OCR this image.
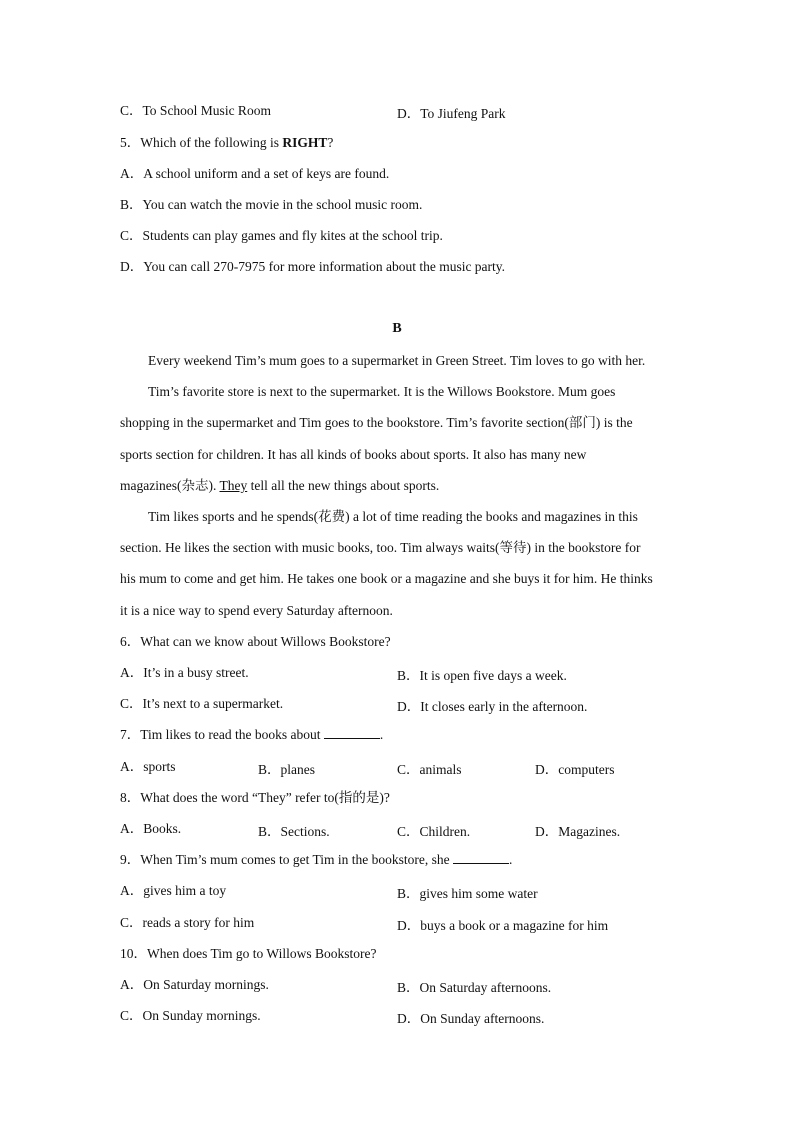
C．To School Music Room	D．To Jiufeng Park
5．Which of the following is RIGHT?
A．A school uniform and a set of keys are found.
B．You can watch the movie in the school music room.
C．Students can play games and fly kites at the school trip.
D．You can call 270-7975 for more information about the music party.
B
Every weekend Tim’s mum goes to a supermarket in Green Street. Tim loves to go with her.
Tim’s favorite store is next to the supermarket. It is the Willows Bookstore. Mum goes
shopping in the supermarket and Tim goes to the bookstore. Tim’s favorite section(部门) is the
sports section for children. It has all kinds of books about sports. It also has many new
magazines(杂志). They tell all the new things about sports.
Tim likes sports and he spends(花费) a lot of time reading the books and magazines in this
section. He likes the section with music books, too. Tim always waits(等待) in the bookstore for
his mum to come and get him. He takes one book or a magazine and she buys it for him. He thinks
it is a nice way to spend every Saturday afternoon.
6．What can we know about Willows Bookstore?
A．It’s in a busy street.	B．It is open five days a week.
C．It’s next to a supermarket.	D．It closes early in the afternoon.
7．Tim likes to read the books about	.
A．sports	B．planes	C．animals	D．computers
8．What does the word “They” refer to(指的是)?
A．Books.	B．Sections.	C．Children.	D．Magazines.
9．When Tim’s mum comes to get Tim in the bookstore, she	.
A．gives him a toy	B．gives him some water
C．reads a story for him	D．buys a book or a magazine for him
10．When does Tim go to Willows Bookstore?
A．On Saturday mornings.	B．On Saturday afternoons.
C．On Sunday mornings.	D．On Sunday afternoons.
